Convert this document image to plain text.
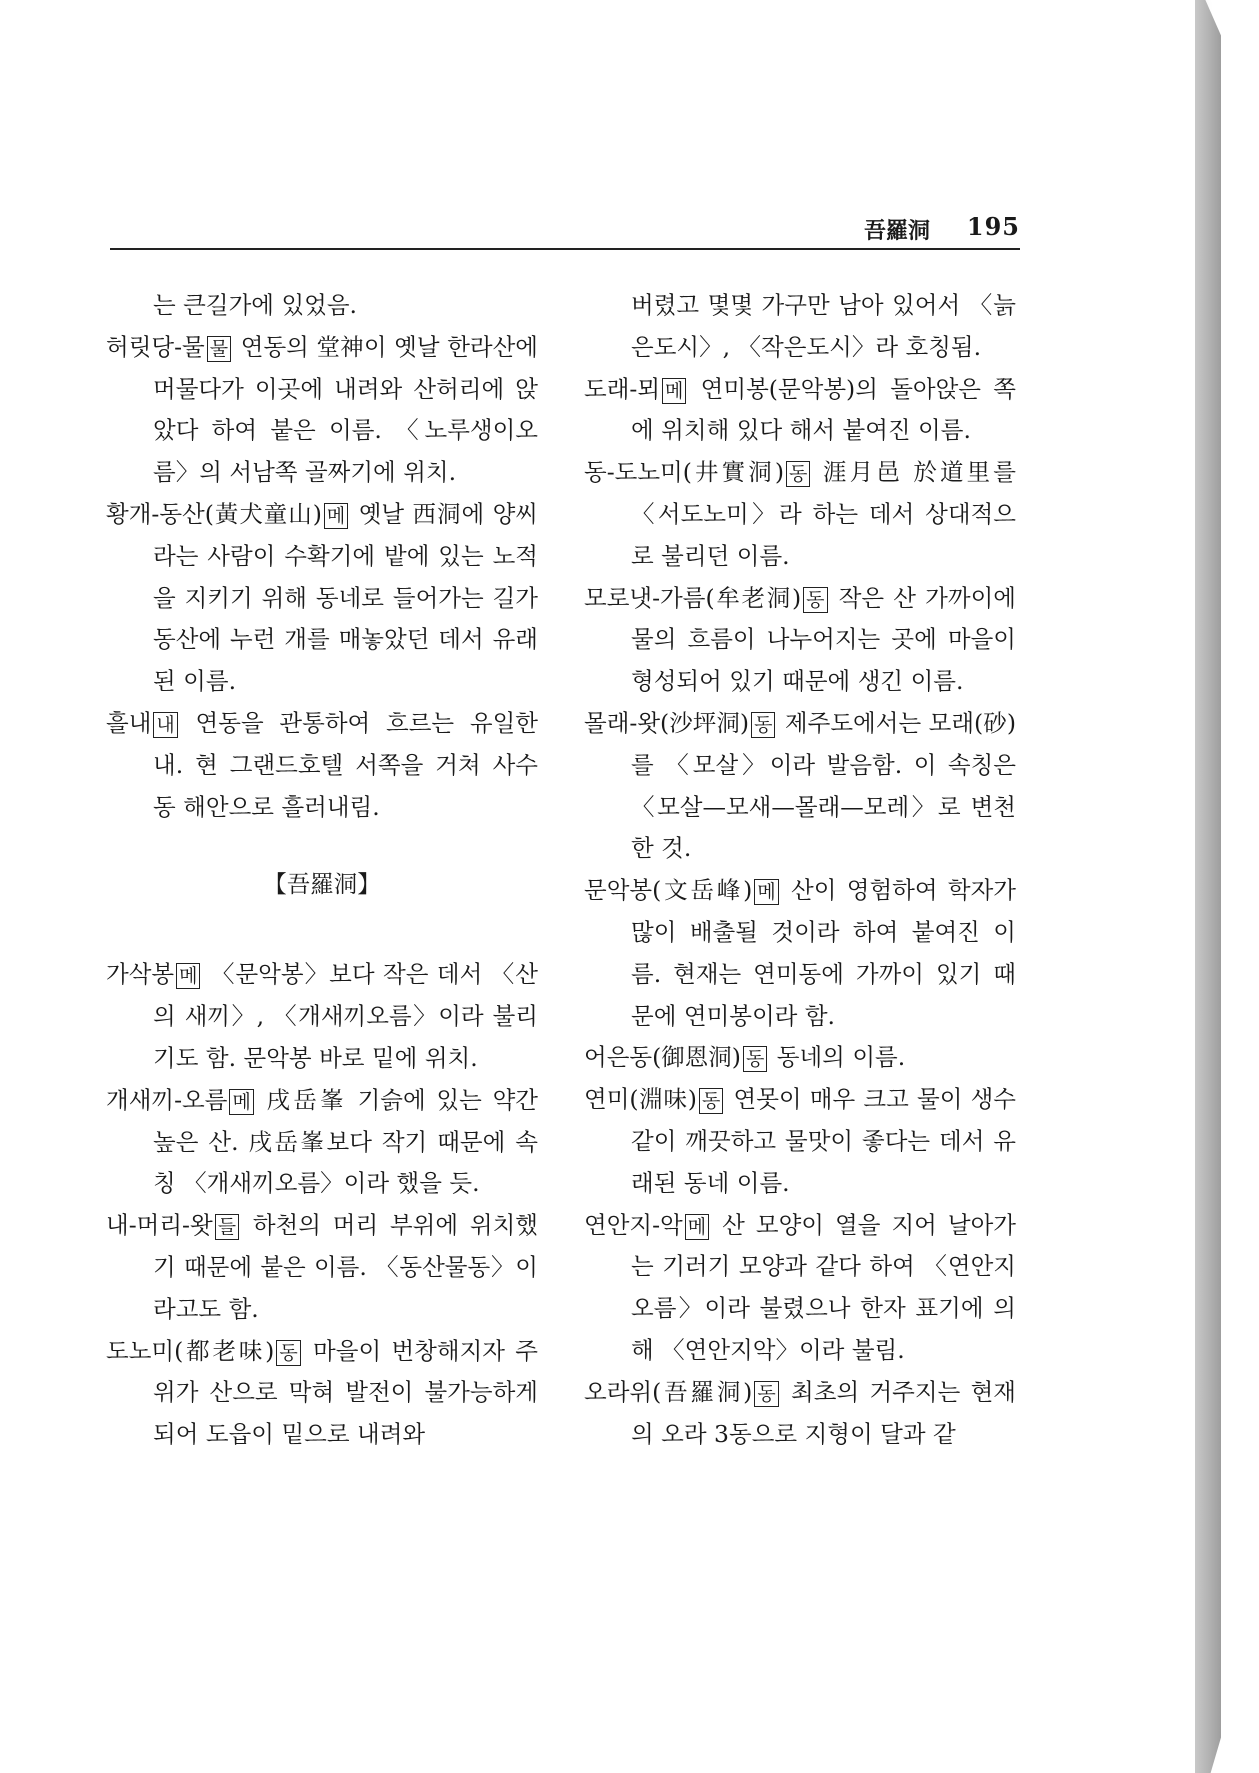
吾羅洞 195

는 큰길가에 있었음.

허릿당-물 물 연동의 堂神이 옛날 한라산에 머물다가 이곳에 내려와 산허리에 앉았다 하여 붙은 이름. 〈노루생이오름〉의 서남쪽 골짜기에 위치.

황개-동산(黃犬童山) 메 옛날 西洞에 양씨라는 사람이 수확기에 밭에 있는 노적을 지키기 위해 동네로 들어가는 길가 동산에 누런 개를 매놓았던 데서 유래된 이름.

흘내 내 연동을 관통하여 흐르는 유일한 내. 현 그랜드호텔 서쪽을 거쳐 사수동 해안으로 흘러내림.

【吾羅洞】

가삭봉 메 〈문악봉〉보다 작은 데서 〈산의 새끼〉, 〈개새끼오름〉이라 불리기도 함. 문악봉 바로 밑에 위치.

개새끼-오름 메 戌岳峯 기슭에 있는 약간 높은 산. 戌岳峯보다 작기 때문에 속칭 〈개새끼오름〉이라 했을 듯.

내-머리-왓 들 하천의 머리 부위에 위치했기 때문에 붙은 이름. 〈동산물동〉이라고도 함.

도노미(都老味) 동 마을이 번창해지자 주위가 산으로 막혀 발전이 불가능하게 되어 도읍이 밑으로 내려와

버렸고 몇몇 가구만 남아 있어서 〈늙은도시〉, 〈작은도시〉라 호칭됨.

도래-뫼 메 연미봉(문악봉)의 돌아앉은 쪽에 위치해 있다 해서 붙여진 이름.

동-도노미(井實洞) 동 涯月邑 於道里를 〈서도노미〉라 하는 데서 상대적으로 불리던 이름.

모로냇-가름(牟老洞) 동 작은 산 가까이에 물의 흐름이 나누어지는 곳에 마을이 형성되어 있기 때문에 생긴 이름.

몰래-왓(沙坪洞) 동 제주도에서는 모래(砂)를 〈모살〉이라 발음함. 이 속칭은 〈모살—모새—몰래—모레〉로 변천한 것.

문악봉(文岳峰) 메 산이 영험하여 학자가 많이 배출될 것이라 하여 붙여진 이름. 현재는 연미동에 가까이 있기 때문에 연미봉이라 함.

어은동(御恩洞) 동 동네의 이름.

연미(淵味) 동 연못이 매우 크고 물이 생수같이 깨끗하고 물맛이 좋다는 데서 유래된 동네 이름.

연안지-악 메 산 모양이 열을 지어 날아가는 기러기 모양과 같다 하여 〈연안지 오름〉이라 불렸으나 한자 표기에 의해 〈연안지악〉이라 불림.

오라위(吾羅洞) 동 최초의 거주지는 현재의 오라 3동으로 지형이 달과 같
